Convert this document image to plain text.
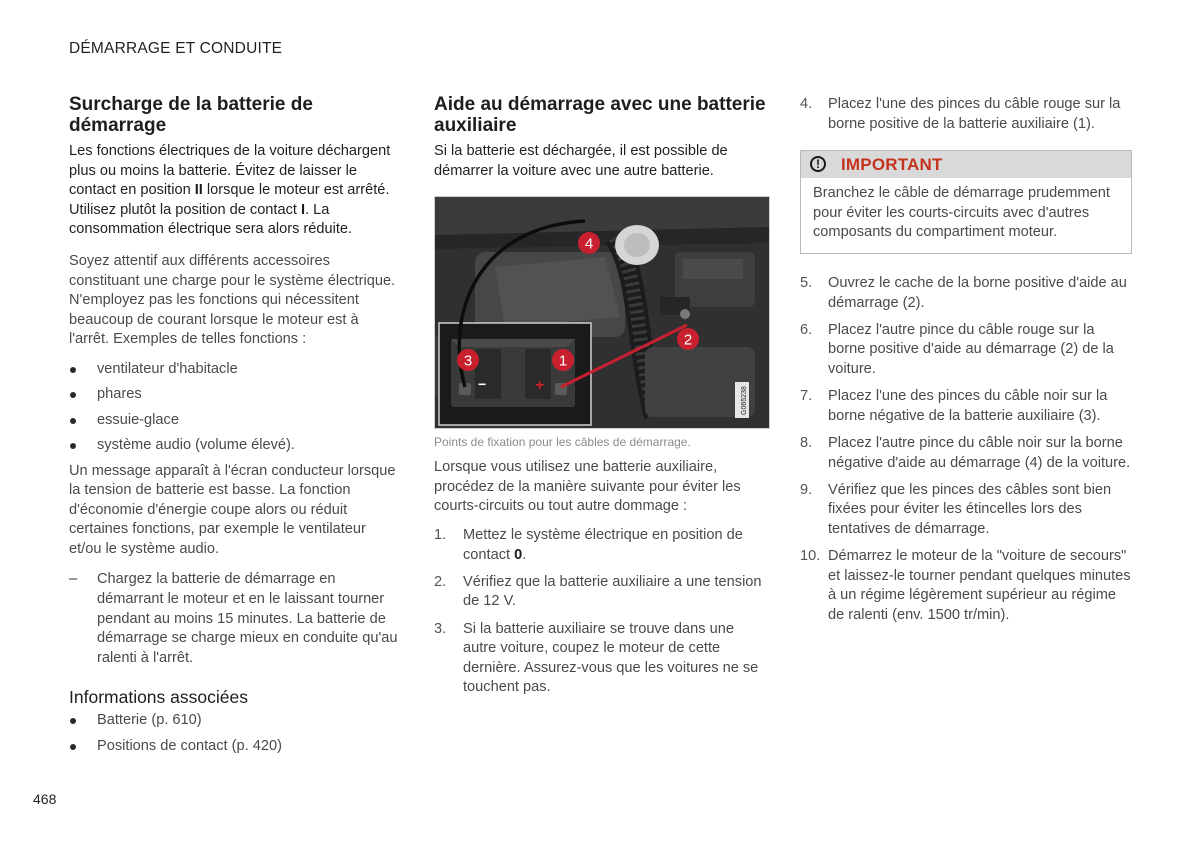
DÉMARRAGE ET CONDUITE
Surcharge de la batterie de démarrage

Les fonctions électriques de la voiture déchargent plus ou moins la batterie. Évitez de laisser le contact en position II lorsque le moteur est arrêté. Utilisez plutôt la position de contact I. La consommation électrique sera alors réduite.

Soyez attentif aux différents accessoires constituant une charge pour le système électrique. N'employez pas les fonctions qui nécessitent beaucoup de courant lorsque le moteur est à l'arrêt. Exemples de telles fonctions :

ventilateur d'habitacle
phares
essuie-glace
système audio (volume élevé).

Un message apparaît à l'écran conducteur lorsque la tension de batterie est basse. La fonction d'économie d'énergie coupe alors ou réduit certaines fonctions, par exemple le ventilateur et/ou le système audio.

– Chargez la batterie de démarrage en démarrant le moteur et en le laissant tourner pendant au moins 15 minutes. La batterie de démarrage se charge mieux en conduite qu'au ralenti à l'arrêt.
Informations associées
Batterie (p. 610)
Positions de contact (p. 420)
Aide au démarrage avec une batterie auxiliaire

Si la batterie est déchargée, il est possible de démarrer la voiture avec une autre batterie.

G065238
−	+
1
2
3
4
Points de fixation pour les câbles de démarrage.

Lorsque vous utilisez une batterie auxiliaire, procédez de la manière suivante pour éviter les courts-circuits ou tout autre dommage :

1. Mettez le système électrique en position de contact 0.
2. Vérifiez que la batterie auxiliaire a une tension de 12 V.
3. Si la batterie auxiliaire se trouve dans une autre voiture, coupez le moteur de cette dernière. Assurez-vous que les voitures ne se touchent pas.
4. Placez l'une des pinces du câble rouge sur la borne positive de la batterie auxiliaire (1).
!	IMPORTANT
Branchez le câble de démarrage prudemment pour éviter les courts-circuits avec d'autres composants du compartiment moteur.
5. Ouvrez le cache de la borne positive d'aide au démarrage (2).
6. Placez l'autre pince du câble rouge sur la borne positive d'aide au démarrage (2) de la voiture.
7. Placez l'une des pinces du câble noir sur la borne négative de la batterie auxiliaire (3).
8. Placez l'autre pince du câble noir sur la borne négative d'aide au démarrage (4) de la voiture.
9. Vérifiez que les pinces des câbles sont bien fixées pour éviter les étincelles lors des tentatives de démarrage.
10. Démarrez le moteur de la "voiture de secours" et laissez-le tourner pendant quelques minutes à un régime légèrement supérieur au régime de ralenti (env. 1500 tr/min).
468
